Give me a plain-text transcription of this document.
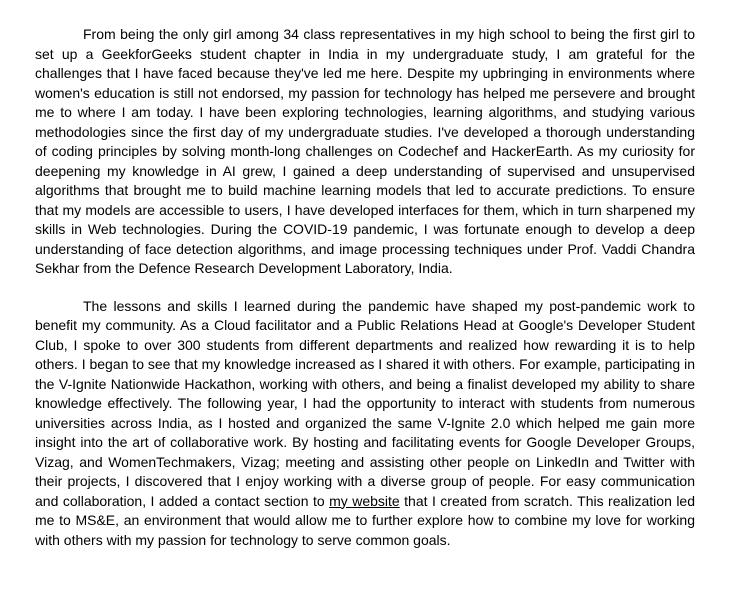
From being the only girl among 34 class representatives in my high school to being the first girl to set up a GeekforGeeks student chapter in India in my undergraduate study, I am grateful for the challenges that I have faced because they've led me here. Despite my upbringing in environments where women's education is still not endorsed, my passion for technology has helped me persevere and brought me to where I am today. I have been exploring technologies, learning algorithms, and studying various methodologies since the first day of my undergraduate studies. I've developed a thorough understanding of coding principles by solving month-long challenges on Codechef and HackerEarth. As my curiosity for deepening my knowledge in AI grew, I gained a deep understanding of supervised and unsupervised algorithms that brought me to build machine learning models that led to accurate predictions. To ensure that my models are accessible to users, I have developed interfaces for them, which in turn sharpened my skills in Web technologies. During the COVID-19 pandemic, I was fortunate enough to develop a deep understanding of face detection algorithms, and image processing techniques under Prof. Vaddi Chandra Sekhar from the Defence Research Development Laboratory, India.

The lessons and skills I learned during the pandemic have shaped my post-pandemic work to benefit my community. As a Cloud facilitator and a Public Relations Head at Google's Developer Student Club, I spoke to over 300 students from different departments and realized how rewarding it is to help others. I began to see that my knowledge increased as I shared it with others. For example, participating in the V-Ignite Nationwide Hackathon, working with others, and being a finalist developed my ability to share knowledge effectively. The following year, I had the opportunity to interact with students from numerous universities across India, as I hosted and organized the same V-Ignite 2.0 which helped me gain more insight into the art of collaborative work. By hosting and facilitating events for Google Developer Groups, Vizag, and WomenTechmakers, Vizag; meeting and assisting other people on LinkedIn and Twitter with their projects, I discovered that I enjoy working with a diverse group of people. For easy communication and collaboration, I added a contact section to my website that I created from scratch. This realization led me to MS&E, an environment that would allow me to further explore how to combine my love for working with others with my passion for technology to serve common goals.
